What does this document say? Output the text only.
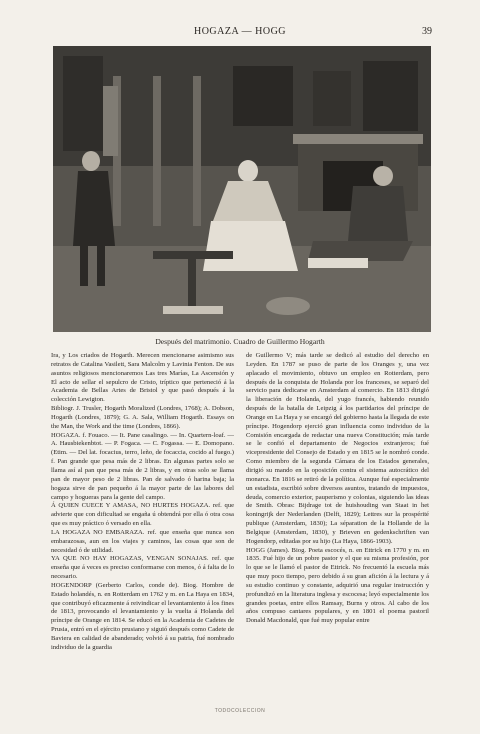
HOGAZA — HOGG	39
Después del matrimonio. Cuadro de Guillermo Hogarth

Ira, y Los criados de Hogarth. Merecen mencionarse asimismo sus retratos de Catalina Vasilett, Sara Malcolm y Lavinia Fenton. De sus asuntos religiosos mencionaremos Las tres Marías, La Ascensión y El acto de sellar el sepulcro de Cristo, tríptico que perteneció á la Academia de Bellas Artes de Bristol y que pasó después á la colección Lewigton.

Bibliogr. J. Trusler, Hogarth Moralized (Londres, 1768); A. Dobson, Hogarth (Londres, 1879); G. A. Sala, William Hogarth. Essays on the Man, the Work and the time (Londres, 1866).

HOGAZA. f. Fouaco. — It. Pane casalingo. — In. Quartern-loaf. — A. Hausbiekenbtot. — P. Fogaca. — C. Fogassa. — E. Domopano. (Etim. — Del lat. focacius, terro, leño, de focaccia, cocido al fuego.) f. Pan grande que pesa más de 2 libras. En algunas partes solo se llama así al pan que pesa más de 2 libras, y en otras solo se llama pan de mayor peso de 2 libras. Pan de salvado ó harina baja; la hogaza sirve de pan pequeño á la mayor parte de las labores del campo y hogueras para la gente del campo.

Á QUIEN CUECE Y AMASA, NO HURTES HOGAZA. ref. que advierte que con dificultad se engaña ú obtendrá por ella ó otra cosa que es muy práctico ó versado en ella.

LA HOGAZA NO EMBARAZA. ref. que enseña que nunca son embarazosas, aun en los viajes y caminos, las cosas que son de necesidad ó de utilidad.

YA QUE NO HAY HOGAZAS, VENGAN SONAJAS. ref. que enseña que á veces es preciso conformarse con menos, ó á falta de lo necesario.

HOGENDORP (Gerberto Carlos, conde de). Biog. Hombre de Estado holandés, n. en Rotterdam en 1762 y m. en La Haya en 1834, que contribuyó eficazmente á reivindicar el levantamiento á los fines de 1813, provocando el levantamiento y la vuelta á Holanda del príncipe de Orange en 1814. Se educó en la Academia de Cadetes de Prusia, entró en el ejército prusiano y siguió después como Cadete de Baviera en calidad de abanderado; volvió á su patria, fué nombrado individuo de la guardia

de Guillermo V; más tarde se dedicó al estudio del derecho en Leyden. En 1787 se puso de parte de los Oranges y, una vez aplacado el movimiento, obtuvo un empleo en Rotterdam, pero después de la conquista de Holanda por los franceses, se separó del servicio para dedicarse en Amsterdam al comercio. En 1813 dirigió la liberación de Holanda, del yugo francés, habiendo reunido después de la batalla de Leipzig á los partidarios del príncipe de Orange en La Haya y se encargó del gobierno hasta la llegada de este príncipe. Hogendorp ejerció gran influencia como individuo de la Comisión encargada de redactar una nueva Constitución; más tarde se le confió el departamento de Negocios extranjeros; fué vicepresidente del Consejo de Estado y en 1815 se le nombró conde. Como miembro de la segunda Cámara de los Estados generales, dirigió su mando en la oposición contra el sistema autocrático del monarca. En 1816 se retiró de la política. Aunque fué especialmente un estadista, escribió sobre diversos asuntos, tratando de impuestos, deuda, comercio exterior, pauperismo y colonias, siguiendo las ideas de Smith. Obras: Bijdrage tot de huishouding van Staat in het koningrijk der Nederlanden (Delft, 1829); Lettres sur la prospérité publique (Amsterdam, 1830); La séparation de la Hollande de la Belgique (Amsterdam, 1830), y Brieven en gedenkschriften van Hogendorp, editadas por su hijo (La Haya, 1866-1903).

HOGG (James). Biog. Poeta escocés, n. en Ettrick en 1770 y m. en 1835. Fué hijo de un pobre pastor y el que su misma profesión, por lo que se le llamó el pastor de Ettrick. No frecuentó la escuela más que muy poco tiempo, pero debido á su gran afición á la lectura y á su estudio continuo y constante, adquirió una regular instrucción y profundizó en la literatura inglesa y escocesa; leyó especialmente los grandes poetas, entre ellos Ramsay, Burns y otros. Al cabo de los años compuso cantares populares, y en 1801 el poema pastoril Donald Macdonald, que fué muy popular entre

TODOCOLECCION
